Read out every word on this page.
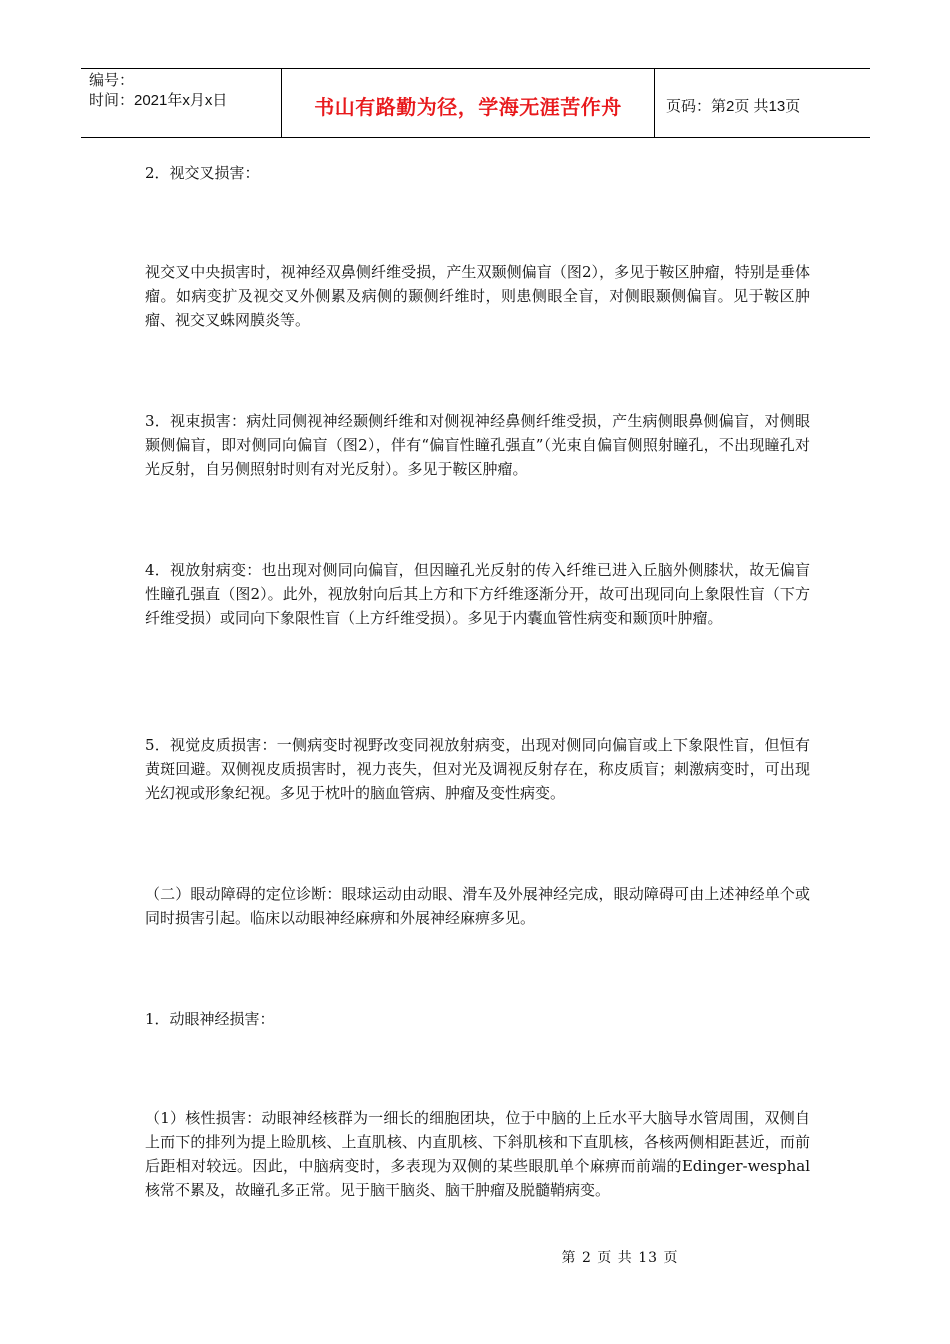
编号：
时间：2021年x月x日	书山有路勤为径，学海无涯苦作舟	页码：第2页 共13页

2．视交叉损害：

视交叉中央损害时，视神经双鼻侧纤维受损，产生双颞侧偏盲（图2），多见于鞍区肿瘤，特别是垂体瘤。如病变扩及视交叉外侧累及病侧的颞侧纤维时，则患侧眼全盲，对侧眼颞侧偏盲。见于鞍区肿瘤、视交叉蛛网膜炎等。

3．视束损害：病灶同侧视神经颞侧纤维和对侧视神经鼻侧纤维受损，产生病侧眼鼻侧偏盲，对侧眼颞侧偏盲，即对侧同向偏盲（图2），伴有“偏盲性瞳孔强直”（光束自偏盲侧照射瞳孔，不出现瞳孔对光反射，自另侧照射时则有对光反射）。多见于鞍区肿瘤。

4．视放射病变：也出现对侧同向偏盲，但因瞳孔光反射的传入纤维已进入丘脑外侧膝状，故无偏盲性瞳孔强直（图2）。此外，视放射向后其上方和下方纤维逐渐分开，故可出现同向上象限性盲（下方纤维受损）或同向下象限性盲（上方纤维受损）。多见于内囊血管性病变和颞顶叶肿瘤。

5．视觉皮质损害：一侧病变时视野改变同视放射病变，出现对侧同向偏盲或上下象限性盲，但恒有黄斑回避。双侧视皮质损害时，视力丧失，但对光及调视反射存在，称皮质盲；刺激病变时，可出现光幻视或形象纪视。多见于枕叶的脑血管病、肿瘤及变性病变。

（二）眼动障碍的定位诊断：眼球运动由动眼、滑车及外展神经完成，眼动障碍可由上述神经单个或同时损害引起。临床以动眼神经麻痹和外展神经麻痹多见。

1．动眼神经损害：

（1）核性损害：动眼神经核群为一细长的细胞团块，位于中脑的上丘水平大脑导水管周围，双侧自上而下的排列为提上睑肌核、上直肌核、内直肌核、下斜肌核和下直肌核，各核两侧相距甚近，而前后距相对较远。因此，中脑病变时，多表现为双侧的某些眼肌单个麻痹而前端的Edinger-wesphal核常不累及，故瞳孔多正常。见于脑干脑炎、脑干肿瘤及脱髓鞘病变。

第 2 页 共 13 页
